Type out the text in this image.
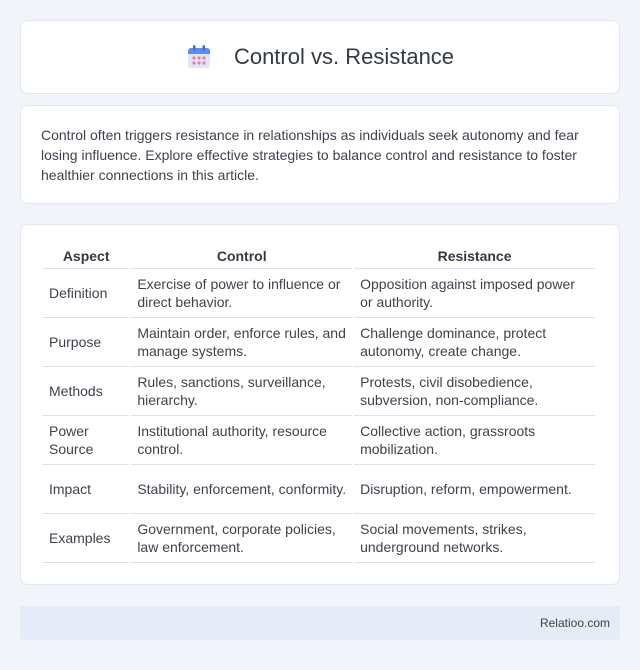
Control vs. Resistance

Control often triggers resistance in relationships as individuals seek autonomy and fear losing influence. Explore effective strategies to balance control and resistance to foster healthier connections in this article.

Aspect	Control	Resistance
Definition	Exercise of power to influence or direct behavior.	Opposition against imposed power or authority.
Purpose	Maintain order, enforce rules, and manage systems.	Challenge dominance, protect autonomy, create change.
Methods	Rules, sanctions, surveillance, hierarchy.	Protests, civil disobedience, subversion, non-compliance.
Power Source	Institutional authority, resource control.	Collective action, grassroots mobilization.
Impact	Stability, enforcement, conformity.	Disruption, reform, empowerment.
Examples	Government, corporate policies, law enforcement.	Social movements, strikes, underground networks.
Relatioo.com
